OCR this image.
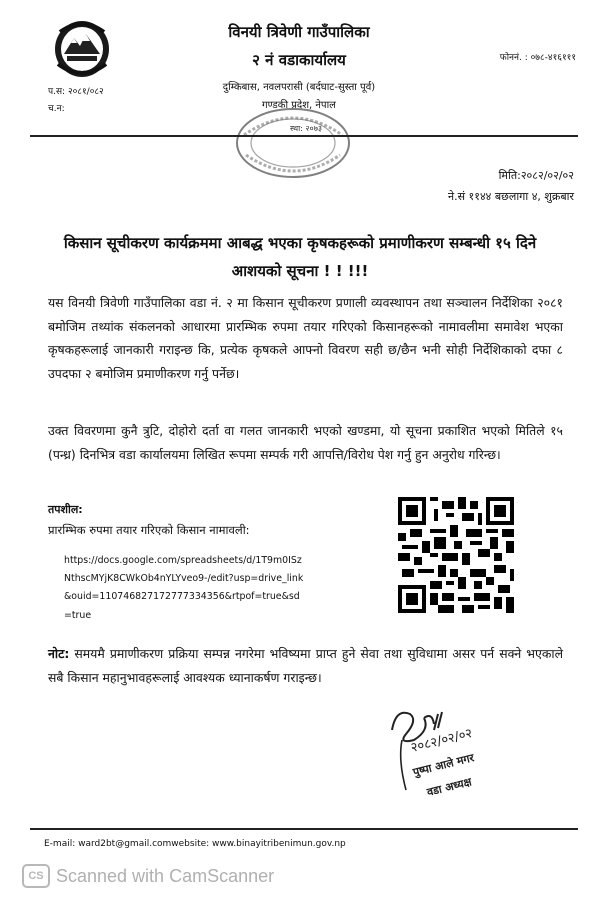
विनयी त्रिवेणी गाउँपालिका
२ नं वडाकार्यालय
दुम्किबास, नवलपरासी (बर्दघाट-सुस्ता पूर्व)
गण्डकी प्रदेश, नेपाल
फोननं. : ०७८-४१६१११
प.स: २०८१/०८२
च.न:
स्था: २०७३
मिति:२०८२/०२/०२
ने.सं ११४४ बछलागा ४, शुक्रबार
किसान सूचीकरण कार्यक्रममा आबद्ध भएका कृषकहरूको प्रमाणीकरण सम्बन्धी १५ दिने आशयको सूचना ! ! !!!
यस विनयी त्रिवेणी गाउँपालिका वडा नं. २ मा किसान सूचीकरण प्रणाली व्यवस्थापन तथा सञ्चालन निर्देशिका २०८१ बमोजिम तथ्यांक संकलनको आधारमा प्रारम्भिक रुपमा तयार गरिएको किसानहरूको नामावलीमा समावेश भएका कृषकहरूलाई जानकारी गराइन्छ कि, प्रत्येक कृषकले आफ्नो विवरण सही छ/छैन भनी सोही निर्देशिकाको दफा ८ उपदफा २ बमोजिम प्रमाणीकरण गर्नु पर्नेछ।
उक्त विवरणमा कुनै त्रुटि, दोहोरो दर्ता वा गलत जानकारी भएको खण्डमा, यो सूचना प्रकाशित भएको मितिले १५ (पन्ध्र) दिनभित्र वडा कार्यालयमा लिखित रूपमा सम्पर्क गरी आपत्ति/विरोध पेश गर्नु हुन अनुरोध गरिन्छ।
तपशील:
प्रारम्भिक रुपमा तयार गरिएको किसान नामावली:
https://docs.google.com/spreadsheets/d/1T9m0ISzNthscMYjK8CWkOb4nYLYveo9-/edit?usp=drive_link&ouid=110746827172777334356&rtpof=true&sd=true
नोट: समयमै प्रमाणीकरण प्रक्रिया सम्पन्न नगरेमा भविष्यमा प्राप्त हुने सेवा तथा सुविधामा असर पर्न सक्ने भएकाले सबै किसान महानुभावहरूलाई आवश्यक ध्यानाकर्षण गराइन्छ।
२०८२/०२/०२
पुष्पा आले मगर
वडा अध्यक्ष
E-mail: ward2bt@gmail.comwebsite: www.binayitribenimun.gov.np
CS Scanned with CamScanner
